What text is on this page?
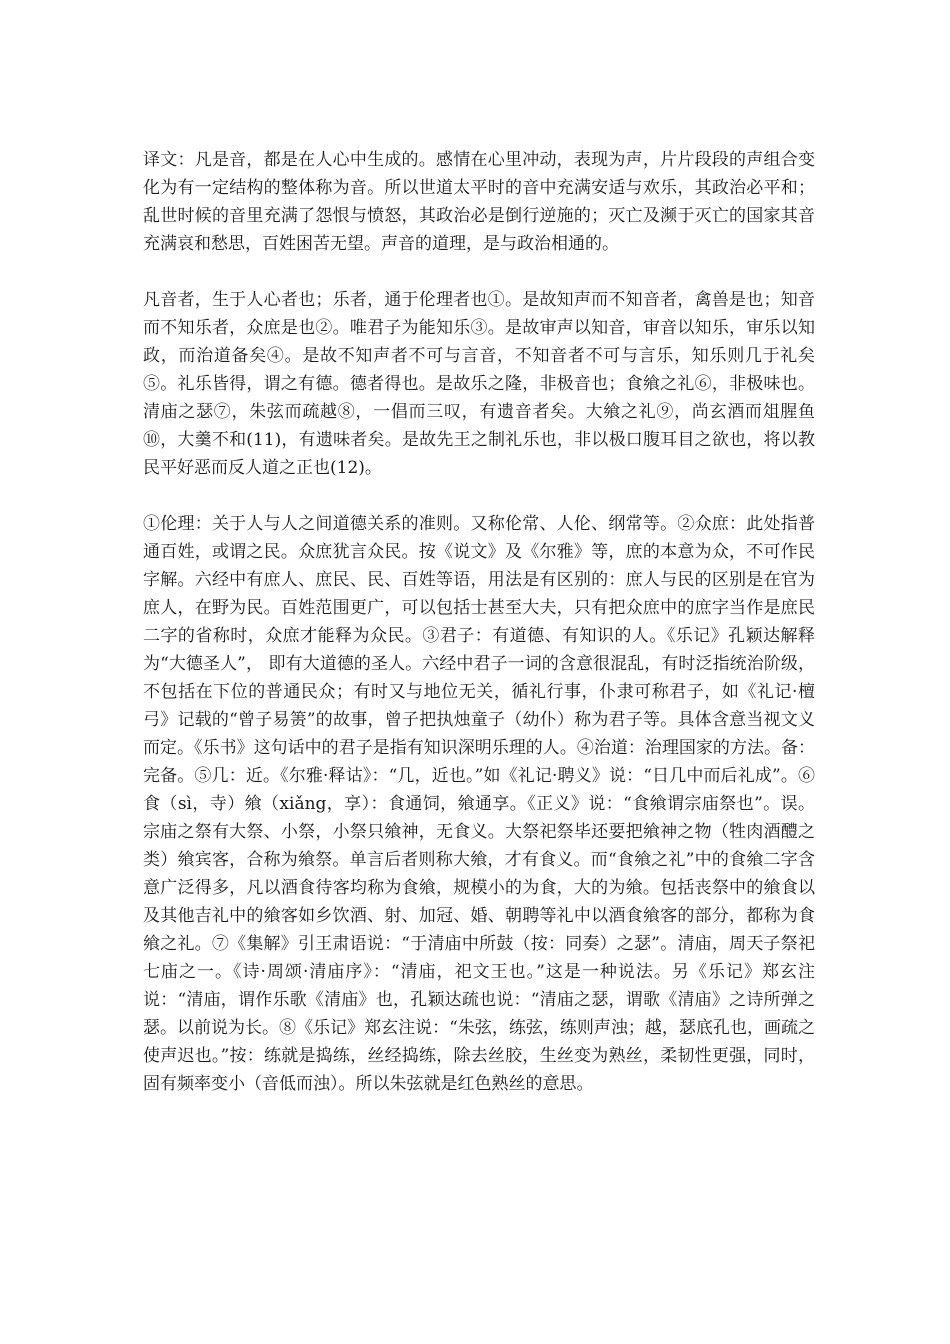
译文：凡是音，都是在人心中生成的。感情在心里冲动，表现为声，片片段段的声组合变化为有一定结构的整体称为音。所以世道太平时的音中充满安适与欢乐，其政治必平和；乱世时候的音里充满了怨恨与愤怒，其政治必是倒行逆施的；灭亡及濒于灭亡的国家其音充满哀和愁思，百姓困苦无望。声音的道理，是与政治相通的。

凡音者，生于人心者也；乐者，通于伦理者也①。是故知声而不知音者，禽兽是也；知音而不知乐者，众庶是也②。唯君子为能知乐③。是故审声以知音，审音以知乐，审乐以知政，而治道备矣④。是故不知声者不可与言音，不知音者不可与言乐，知乐则几于礼矣⑤。礼乐皆得，谓之有德。德者得也。是故乐之隆，非极音也；食飨之礼⑥，非极味也。清庙之瑟⑦，朱弦而疏越⑧，一倡而三叹，有遗音者矣。大飨之礼⑨，尚玄酒而俎腥鱼⑩，大羹不和(11)，有遗味者矣。是故先王之制礼乐也，非以极口腹耳目之欲也，将以教民平好恶而反人道之正也(12)。

①伦理：关于人与人之间道德关系的准则。又称伦常、人伦、纲常等。②众庶：此处指普通百姓，或谓之民。众庶犹言众民。按《说文》及《尔雅》等，庶的本意为众，不可作民字解。六经中有庶人、庶民、民、百姓等语，用法是有区别的：庶人与民的区别是在官为庶人，在野为民。百姓范围更广，可以包括士甚至大夫，只有把众庶中的庶字当作是庶民二字的省称时，众庶才能释为众民。③君子：有道德、有知识的人。《乐记》孔颖达解释为“大德圣人”， 即有大道德的圣人。六经中君子一词的含意很混乱，有时泛指统治阶级，不包括在下位的普通民众；有时又与地位无关，循礼行事，仆隶可称君子，如《礼记·檀弓》记载的“曾子易箦”的故事，曾子把执烛童子（幼仆）称为君子等。具体含意当视文义而定。《乐书》这句话中的君子是指有知识深明乐理的人。④治道：治理国家的方法。备：完备。⑤几：近。《尔雅·释诂》：“几，近也。”如《礼记·聘义》说：“日几中而后礼成”。⑥食（sì，寺）飨（xiǎng，享）：食通饲，飨通享。《正义》说：“食飨谓宗庙祭也”。误。宗庙之祭有大祭、小祭，小祭只飨神，无食义。大祭祀祭毕还要把飨神之物（牲肉酒醴之类）飨宾客，合称为飨祭。单言后者则称大飨，才有食义。而“食飨之礼”中的食飨二字含意广泛得多，凡以酒食待客均称为食飨，规模小的为食，大的为飨。包括丧祭中的飨食以及其他吉礼中的飨客如乡饮酒、射、加冠、婚、朝聘等礼中以酒食飨客的部分，都称为食飨之礼。⑦《集解》引王肃语说：“于清庙中所鼓（按：同奏）之瑟”。清庙，周天子祭祀七庙之一。《诗·周颂·清庙序》：“清庙，祀文王也。”这是一种说法。另《乐记》郑玄注说：“清庙，谓作乐歌《清庙》也，孔颖达疏也说：“清庙之瑟，谓歌《清庙》之诗所弹之瑟。以前说为长。⑧《乐记》郑玄注说：“朱弦，练弦，练则声浊；越，瑟底孔也，画疏之使声迟也。”按：练就是捣练，丝经捣练，除去丝胶，生丝变为熟丝，柔韧性更强，同时，固有频率变小（音低而浊）。所以朱弦就是红色熟丝的意思。
